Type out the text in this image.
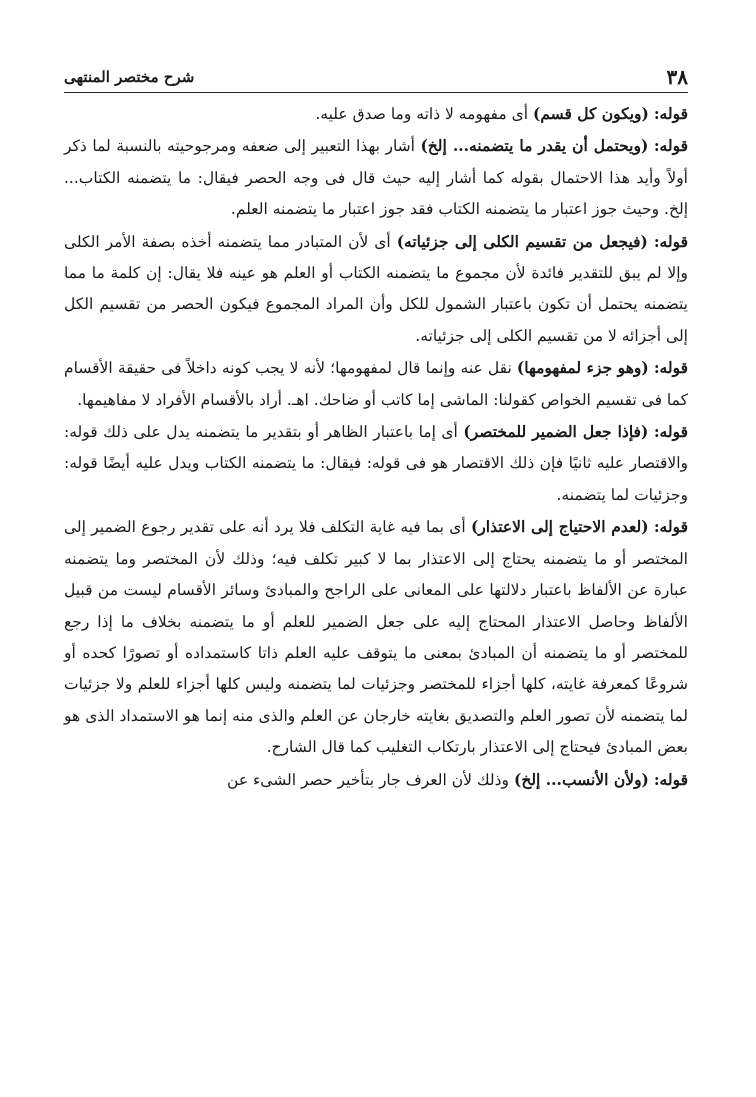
٣٨
شرح مختصر المنتهى

قوله: (ويكون كل قسم) أى مفهومه لا ذاته وما صدق عليه.

قوله: (ويحتمل أن يقدر ما يتضمنه... إلخ) أشار بهذا التعبير إلى ضعفه ومرجوحيته بالنسبة لما ذكر أولاً وأيد هذا الاحتمال بقوله كما أشار إليه حيث قال فى وجه الحصر فيقال: ما يتضمنه الكتاب... إلخ. وحيث جوز اعتبار ما يتضمنه الكتاب فقد جوز اعتبار ما يتضمنه العلم.

قوله: (فيجعل من تقسيم الكلى إلى جزئياته) أى لأن المتبادر مما يتضمنه أخذه بصفة الأمر الكلى وإلا لم يبق للتقدير فائدة لأن مجموع ما يتضمنه الكتاب أو العلم هو عينه فلا يقال: إن كلمة ما مما يتضمنه يحتمل أن تكون باعتبار الشمول للكل وأن المراد المجموع فيكون الحصر من تقسيم الكل إلى أجزائه لا من تقسيم الكلى إلى جزئياته.

قوله: (وهو جزء لمفهومها) نقل عنه وإنما قال لمفهومها؛ لأنه لا يجب كونه داخلاً فى حقيقة الأقسام كما فى تقسيم الخواص كقولنا: الماشى إما كاتب أو ضاحك. اهـ. أراد بالأقسام الأفراد لا مفاهيمها.

قوله: (فإذا جعل الضمير للمختصر) أى إما باعتبار الظاهر أو بتقدير ما يتضمنه يدل على ذلك قوله: والاقتصار عليه ثانيًا فإن ذلك الاقتصار هو فى قوله: فيقال: ما يتضمنه الكتاب ويدل عليه أيضًا قوله: وجزئيات لما يتضمنه.

قوله: (لعدم الاحتياج إلى الاعتذار) أى بما فيه غاية التكلف فلا يرد أنه على تقدير رجوع الضمير إلى المختصر أو ما يتضمنه يحتاج إلى الاعتذار بما لا كبير تكلف فيه؛ وذلك لأن المختصر وما يتضمنه عبارة عن الألفاظ باعتبار دلالتها على المعانى على الراجح والمبادئ وسائر الأقسام ليست من قبيل الألفاظ وحاصل الاعتذار المحتاج إليه على جعل الضمير للعلم أو ما يتضمنه بخلاف ما إذا رجع للمختصر أو ما يتضمنه أن المبادئ بمعنى ما يتوقف عليه العلم ذاتا كاستمداده أو تصورًا كحده أو شروعًا كمعرفة غايته، كلها أجزاء للمختصر وجزئيات لما يتضمنه وليس كلها أجزاء للعلم ولا جزئيات لما يتضمنه لأن تصور العلم والتصديق بغايته خارجان عن العلم والذى منه إنما هو الاستمداد الذى هو بعض المبادئ فيحتاج إلى الاعتذار بارتكاب التغليب كما قال الشارح.

قوله: (ولأن الأنسب... إلخ) وذلك لأن العرف جار بتأخير حصر الشىء عن
